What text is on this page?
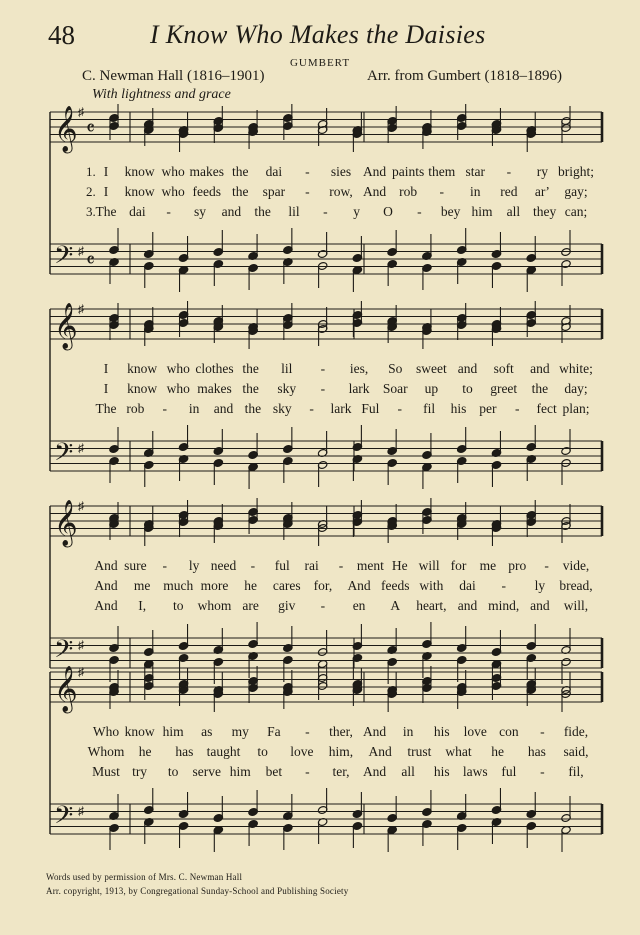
48	I Know Who Makes the Daisies
GUMBERT
C. Newman Hall (1816–1901)	Arr. from Gumbert (1818–1896)
With lightness and grace
𝄞
𝄢
♯
♯
𝄴
𝄴
1. I know who makes the dai - sies And paints them star - ry bright;
2. I know who feeds the spar - row, And rob - in red arʼ gay;
3. The dai - sy and the lil - y O - bey him all they can;
𝄞
𝄢
♯
♯
I know who clothes the lil - ies, So sweet and soft and white;
I know who makes the sky - lark Soar up to greet the day;
The rob - in and the sky - lark Ful - fil his per - fect plan;
𝄞
𝄢
♯
♯
And sure - ly need - ful rai - ment He will for me pro - vide,
And me much more he cares for, And feeds with dai - ly bread,
And I, to whom are giv - en A heart, and mind, and will,
𝄞
𝄢
♯
♯
Who know him as my Fa - ther, And in his love con - fide,
Whom he has taught to love him, And trust what he has said,
Must try to serve him bet - ter, And all his laws ful - fil,
Words used by permission of Mrs. C. Newman Hall
Arr. copyright, 1913, by Congregational Sunday-School and Publishing Society
